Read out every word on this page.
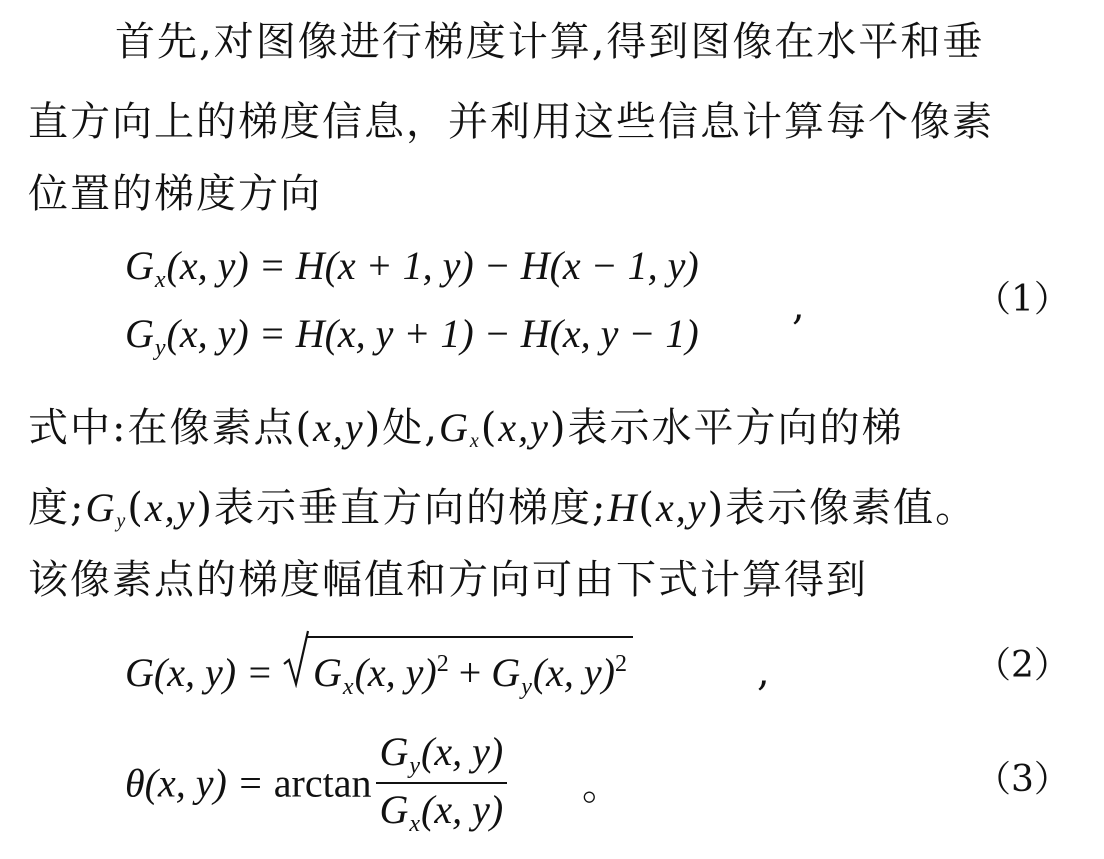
首先,对图像进行梯度计算,得到图像在水平和垂
直方向上的梯度信息，并利用这些信息计算每个像素
位置的梯度方向
$G_x(x$, y) = H(x + 1, y) − H(x − 1, y)
$G_y(x$, y) = H(x, y + 1) − H(x, y − 1)
,	（1）
式中:在像素点(x,y)处$,G_x(x,y)$表示水平方向的梯
度$;G_y(x,y)$表示垂直方向的梯度;H(x,y)表示像素值。
该像素点的梯度幅值和方向可由下式计算得到
G(x, $y) = G_x(x$, $y)^2 + G_y(x$, y)$^2$	,	（2）
θ(x, $y) = \arctan \frac{G_y(x, y)}{G_x(x, y)}$ 。	（3）
